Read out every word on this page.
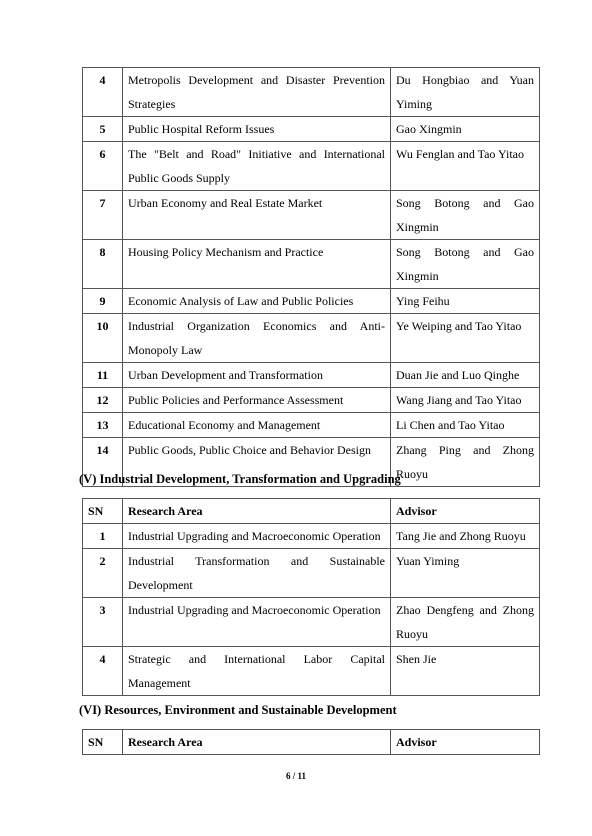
4	Metropolis Development and Disaster Prevention Strategies	Du Hongbiao and Yuan Yiming
5	Public Hospital Reform Issues	Gao Xingmin
6	The "Belt and Road" Initiative and International Public Goods Supply	Wu Fenglan and Tao Yitao
7	Urban Economy and Real Estate Market	Song Botong and Gao Xingmin
8	Housing Policy Mechanism and Practice	Song Botong and Gao Xingmin
9	Economic Analysis of Law and Public Policies	Ying Feihu
10	Industrial Organization Economics and Anti-Monopoly Law	Ye Weiping and Tao Yitao
11	Urban Development and Transformation	Duan Jie and Luo Qinghe
12	Public Policies and Performance Assessment	Wang Jiang and Tao Yitao
13	Educational Economy and Management	Li Chen and Tao Yitao
14	Public Goods, Public Choice and Behavior Design	Zhang Ping and Zhong Ruoyu
(V) Industrial Development, Transformation and Upgrading
SN	Research Area	Advisor
1	Industrial Upgrading and Macroeconomic Operation	Tang Jie and Zhong Ruoyu
2	Industrial Transformation and Sustainable Development	Yuan Yiming
3	Industrial Upgrading and Macroeconomic Operation	Zhao Dengfeng and Zhong Ruoyu
4	Strategic and International Labor Capital Management	Shen Jie
(VI) Resources, Environment and Sustainable Development
SN	Research Area	Advisor
6 / 11
